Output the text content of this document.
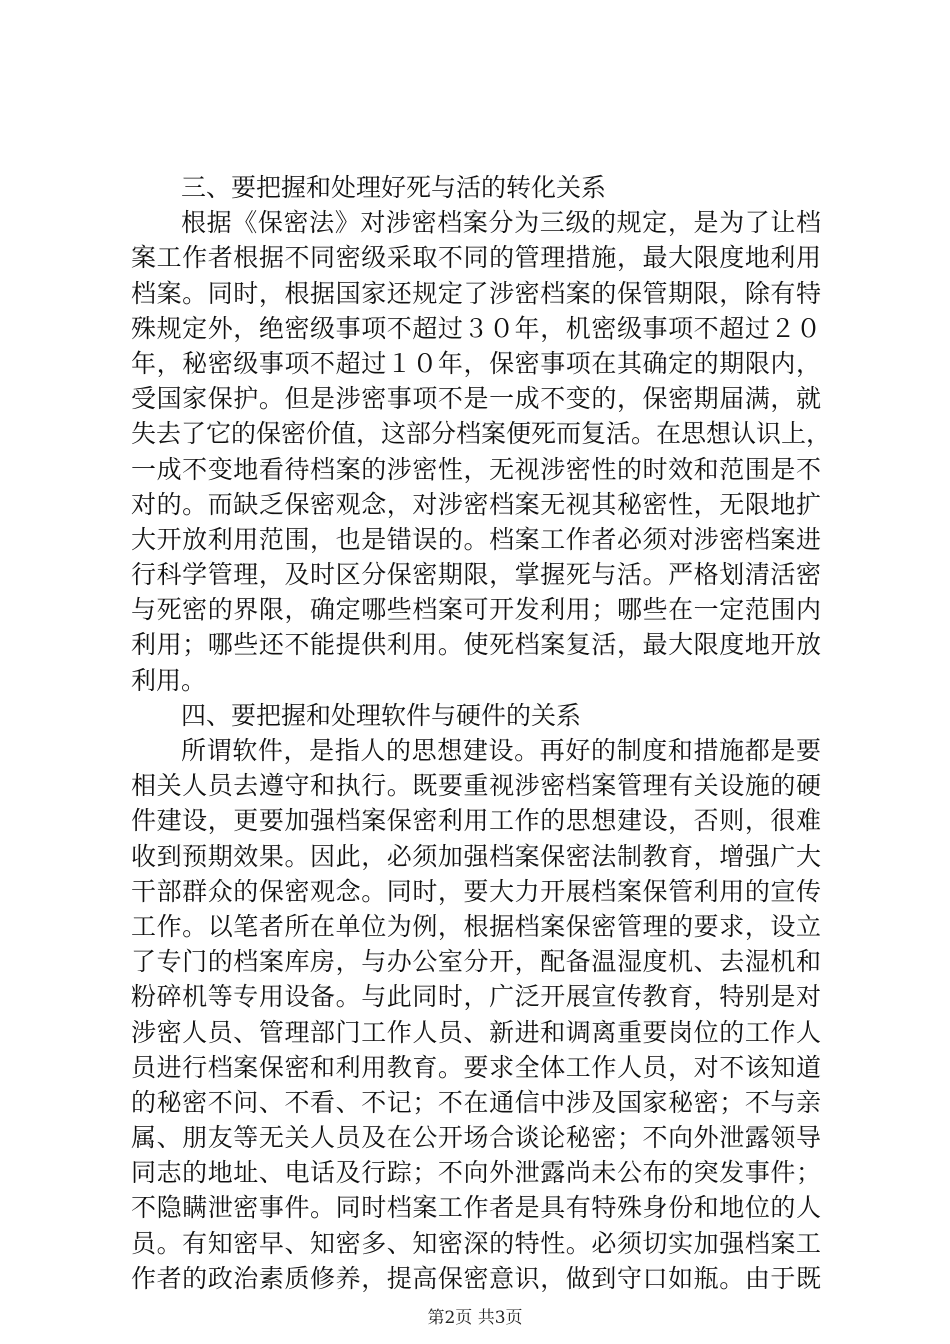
三、要把握和处理好死与活的转化关系
根据《保密法》对涉密档案分为三级的规定，是为了让档
案工作者根据不同密级采取不同的管理措施，最大限度地利用
档案。同时，根据国家还规定了涉密档案的保管期限，除有特
殊规定外，绝密级事项不超过３０年，机密级事项不超过２０
年，秘密级事项不超过１０年，保密事项在其确定的期限内，
受国家保护。但是涉密事项不是一成不变的，保密期届满，就
失去了它的保密价值，这部分档案便死而复活。在思想认识上，
一成不变地看待档案的涉密性，无视涉密性的时效和范围是不
对的。而缺乏保密观念，对涉密档案无视其秘密性，无限地扩
大开放利用范围，也是错误的。档案工作者必须对涉密档案进
行科学管理，及时区分保密期限，掌握死与活。严格划清活密
与死密的界限，确定哪些档案可开发利用；哪些在一定范围内
利用；哪些还不能提供利用。使死档案复活，最大限度地开放
利用。
四、要把握和处理软件与硬件的关系
所谓软件，是指人的思想建设。再好的制度和措施都是要
相关人员去遵守和执行。既要重视涉密档案管理有关设施的硬
件建设，更要加强档案保密利用工作的思想建设，否则，很难
收到预期效果。因此，必须加强档案保密法制教育，增强广大
干部群众的保密观念。同时，要大力开展档案保管利用的宣传
工作。以笔者所在单位为例，根据档案保密管理的要求，设立
了专门的档案库房，与办公室分开，配备温湿度机、去湿机和
粉碎机等专用设备。与此同时，广泛开展宣传教育，特别是对
涉密人员、管理部门工作人员、新进和调离重要岗位的工作人
员进行档案保密和利用教育。要求全体工作人员，对不该知道
的秘密不问、不看、不记；不在通信中涉及国家秘密；不与亲
属、朋友等无关人员及在公开场合谈论秘密；不向外泄露领导
同志的地址、电话及行踪；不向外泄露尚未公布的突发事件；
不隐瞒泄密事件。同时档案工作者是具有特殊身份和地位的人
员。有知密早、知密多、知密深的特性。必须切实加强档案工
作者的政治素质修养，提高保密意识，做到守口如瓶。由于既
第2页 共3页
